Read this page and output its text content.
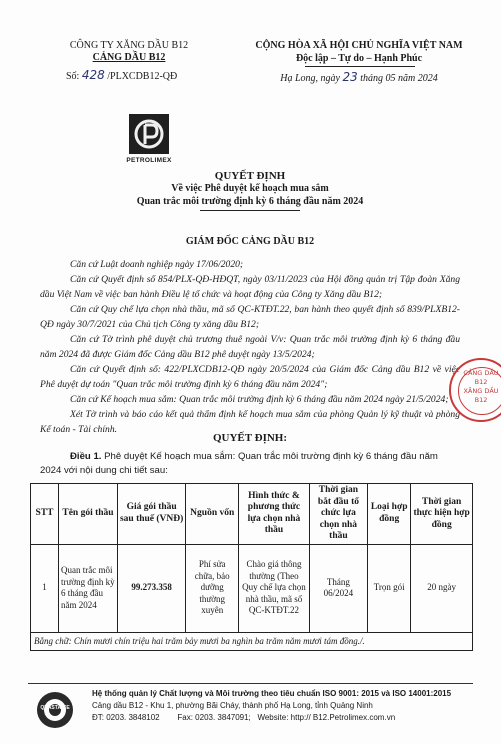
CÔNG TY XĂNG DẦU B12
CẢNG DẦU B12
Số: 428 /PLXCDB12-QĐ
PETROLIMEX
CỘNG HÒA XÃ HỘI CHỦ NGHĨA VIỆT NAM
Độc lập – Tự do – Hạnh Phúc
Hạ Long, ngày 23 tháng 05 năm 2024
QUYẾT ĐỊNH
Về việc Phê duyệt kế hoạch mua sắm
Quan trắc môi trường định kỳ 6 tháng đầu năm 2024
GIÁM ĐỐC CẢNG DẦU B12
Căn cứ Luật doanh nghiệp ngày 17/06/2020;
Căn cứ Quyết định số 854/PLX-QĐ-HĐQT, ngày 03/11/2023 của Hội đồng quản trị Tập đoàn Xăng dầu Việt Nam về việc ban hành Điều lệ tổ chức và hoạt động của Công ty Xăng dầu B12;
Căn cứ Quy chế lựa chọn nhà thầu, mã số QC-KTĐT.22, ban hành theo quyết định số 839/PLXB12-QĐ ngày 30/7/2021 của Chủ tịch Công ty xăng dầu B12;
Căn cứ Tờ trình phê duyệt chủ trương thuê ngoài V/v: Quan trắc môi trường định kỳ 6 tháng đầu năm 2024 đã được Giám đốc Cảng dầu B12 phê duyệt ngày 13/5/2024;
Căn cứ Quyết định số: 422/PLXCDB12-QĐ ngày 20/5/2024 của Giám đốc Cảng dầu B12 về việc Phê duyệt dự toán "Quan trắc môi trường định kỳ 6 tháng đầu năm 2024";
Căn cứ Kế hoạch mua sắm: Quan trắc môi trường định kỳ 6 tháng đầu năm 2024 ngày 21/5/2024;
Xét Tờ trình và báo cáo kết quả thẩm định kế hoạch mua sắm của phòng Quản lý kỹ thuật và phòng Kế toán - Tài chính.
CẢNG DẦU
B12
XĂNG DẦU
B12
QUYẾT ĐỊNH:
Điều 1. Phê duyệt Kế hoạch mua sắm: Quan trắc môi trường định kỳ 6 tháng đầu năm 2024 với nội dung chi tiết sau:
STT	Tên gói thầu	Giá gói thầu sau thuế (VNĐ)	Nguồn vốn	Hình thức & phương thức lựa chọn nhà thầu	Thời gian bắt đầu tổ chức lựa chọn nhà thầu	Loại hợp đồng	Thời gian thực hiện hợp đồng
1	Quan trắc môi trường định kỳ 6 tháng đầu năm 2024	99.273.358	Phí sửa chữa, bảo dưỡng thường xuyên	Chào giá thông thường (Theo Quy chế lựa chọn nhà thầu, mã số QC-KTĐT.22	Tháng 06/2024	Trọn gói	20 ngày
Bằng chữ: Chín mươi chín triệu hai trăm bảy mươi ba nghìn ba trăm năm mươi tám đồng./.							
QUASTA-CE
Hệ thống quản lý Chất lượng và Môi trường theo tiêu chuẩn ISO 9001: 2015 và ISO 14001:2015
Cảng dầu B12 - Khu 1, phường Bãi Cháy, thành phố Hạ Long, tỉnh Quảng Ninh
ĐT: 0203. 3848102        Fax: 0203. 3847091;   Website: http:// B12.Petrolimex.com.vn
